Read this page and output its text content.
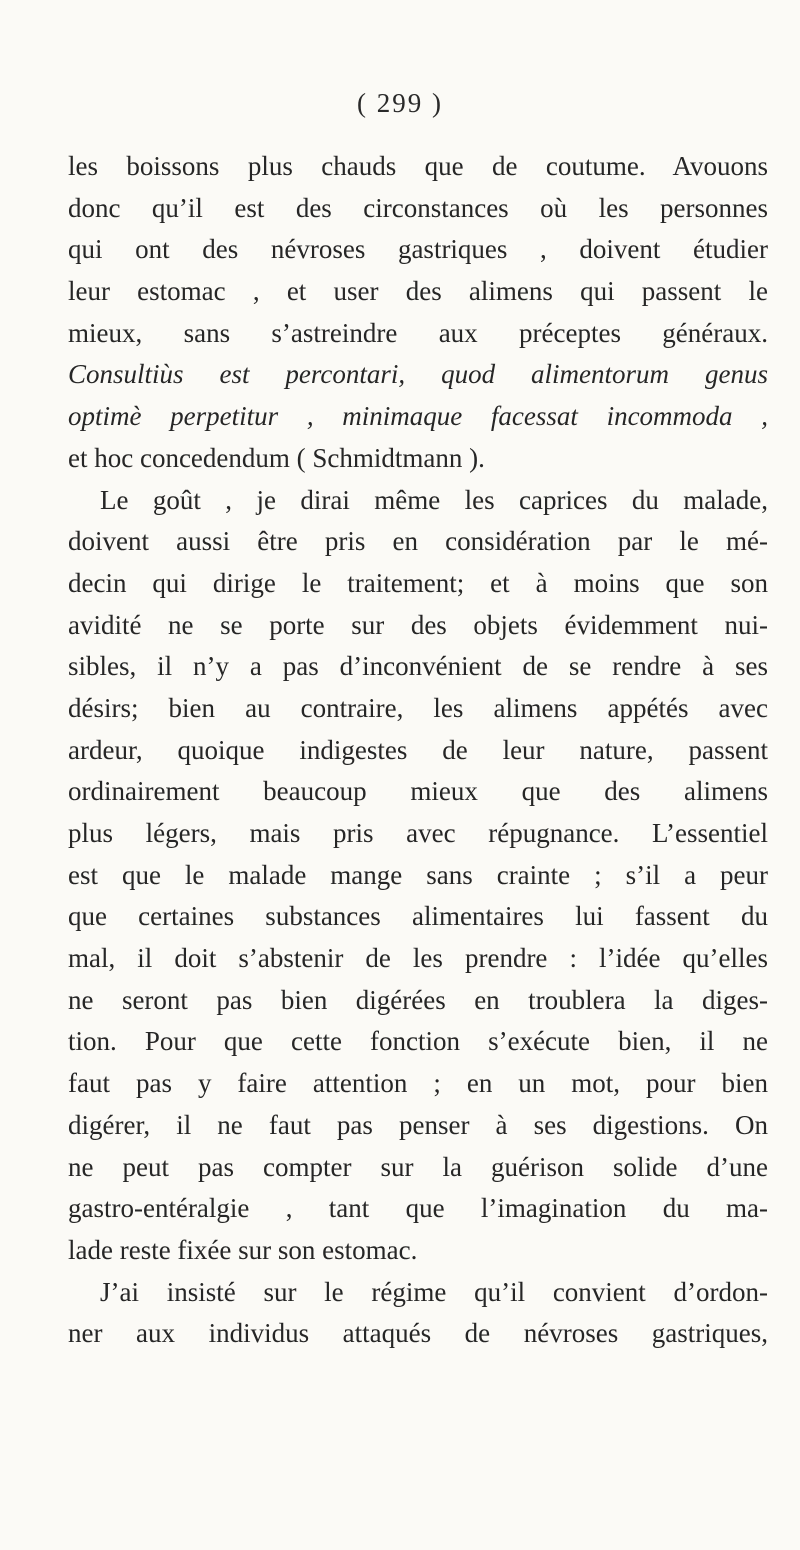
( 299 )
les boissons plus chauds que de coutume. Avouons
donc qu’il est des circonstances où les personnes
qui ont des névroses gastriques , doivent étudier
leur estomac , et user des alimens qui passent le
mieux, sans s’astreindre aux préceptes généraux.
Consultiùs est percontari, quod alimentorum genus
optimè perpetitur , minimaque facessat incommoda ,
et hoc concedendum ( Schmidtmann ).
Le goût , je dirai même les caprices du malade,
doivent aussi être pris en considération par le mé-
decin qui dirige le traitement; et à moins que son
avidité ne se porte sur des objets évidemment nui-
sibles, il n’y a pas d’inconvénient de se rendre à ses
désirs; bien au contraire, les alimens appétés avec
ardeur, quoique indigestes de leur nature, passent
ordinairement beaucoup mieux que des alimens
plus légers, mais pris avec répugnance. L’essentiel
est que le malade mange sans crainte ; s’il a peur
que certaines substances alimentaires lui fassent du
mal, il doit s’abstenir de les prendre : l’idée qu’elles
ne seront pas bien digérées en troublera la diges-
tion. Pour que cette fonction s’exécute bien, il ne
faut pas y faire attention ; en un mot, pour bien
digérer, il ne faut pas penser à ses digestions. On
ne peut pas compter sur la guérison solide d’une
gastro-entéralgie , tant que l’imagination du ma-
lade reste fixée sur son estomac.
J’ai insisté sur le régime qu’il convient d’ordon-
ner aux individus attaqués de névroses gastriques,
